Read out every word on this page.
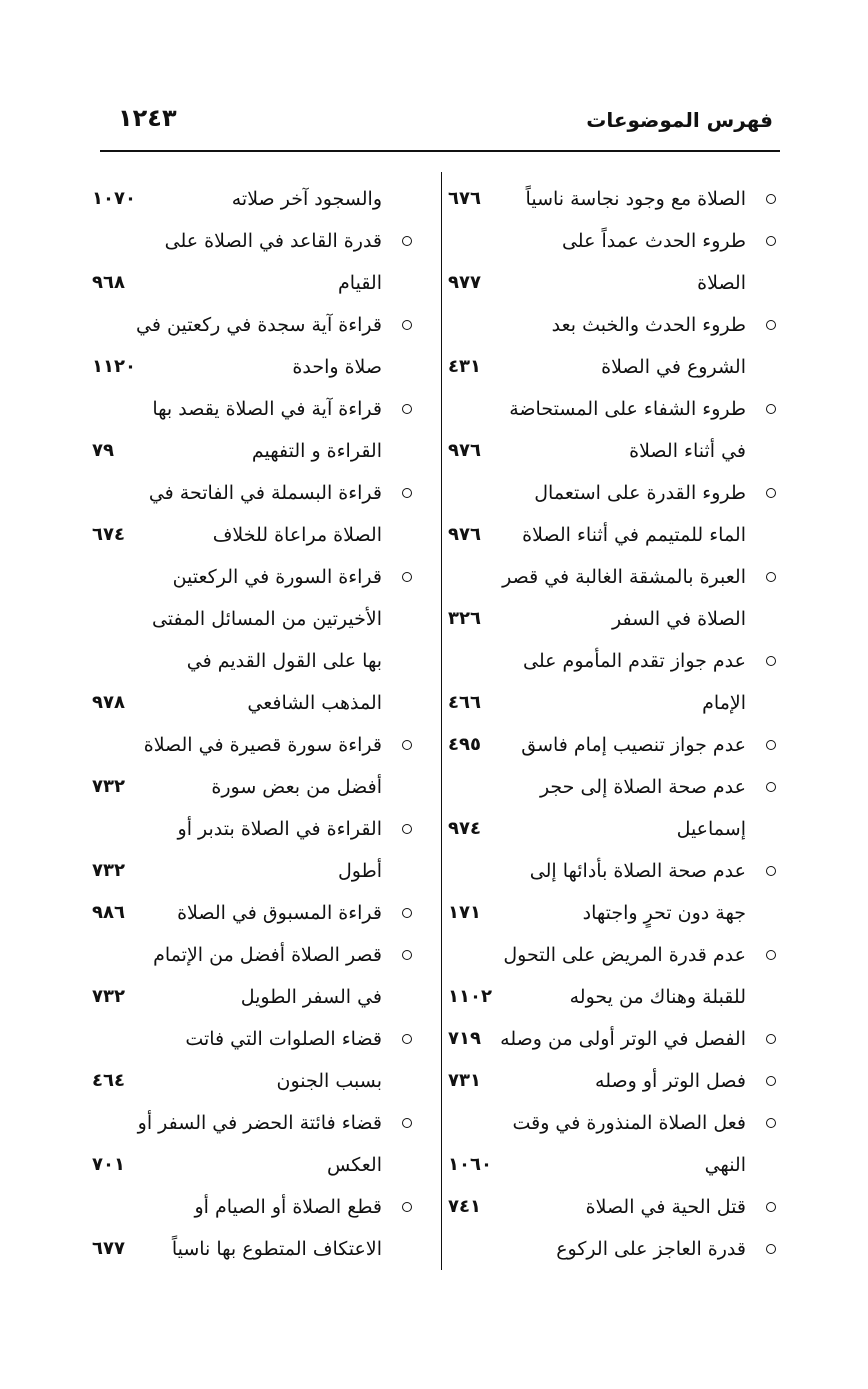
فهرس الموضوعات
١٢٤٣
الصلاة مع وجود نجاسة ناسياً
٦٧٦
طروء الحدث عمداً على
الصلاة
٩٧٧
طروء الحدث والخبث بعد
الشروع في الصلاة
٤٣١
طروء الشفاء على المستحاضة
في أثناء الصلاة
٩٧٦
طروء القدرة على استعمال
الماء للمتيمم في أثناء الصلاة
٩٧٦
العبرة بالمشقة الغالبة في قصر
الصلاة في السفر
٣٢٦
عدم جواز تقدم المأموم على
الإمام
٤٦٦
عدم جواز تنصيب إمام فاسق
٤٩٥
عدم صحة الصلاة إلى حجر
إسماعيل
٩٧٤
عدم صحة الصلاة بأدائها إلى
جهة دون تحرٍ واجتهاد
١٧١
عدم قدرة المريض على التحول
للقبلة وهناك من يحوله
١١٠٢
الفصل في الوتر أولى من وصله
٧١٩
فصل الوتر أو وصله
٧٣١
فعل الصلاة المنذورة في وقت
النهي
١٠٦٠
قتل الحية في الصلاة
٧٤١
قدرة العاجز على الركوع
والسجود آخر صلاته
١٠٧٠
قدرة القاعد في الصلاة على
القيام
٩٦٨
قراءة آية سجدة في ركعتين في
صلاة واحدة
١١٢٠
قراءة آية في الصلاة يقصد بها
القراءة و التفهيم
٧٩
قراءة البسملة في الفاتحة في
الصلاة مراعاة للخلاف
٦٧٤
قراءة السورة في الركعتين
الأخيرتين من المسائل المفتى
بها على القول القديم في
المذهب الشافعي
٩٧٨
قراءة سورة قصيرة في الصلاة
أفضل من بعض سورة
٧٣٢
القراءة في الصلاة بتدبر أو
أطول
٧٣٢
قراءة المسبوق في الصلاة
٩٨٦
قصر الصلاة أفضل من الإتمام
في السفر الطويل
٧٣٢
قضاء الصلوات التي فاتت
بسبب الجنون
٤٦٤
قضاء فائتة الحضر في السفر أو
العكس
٧٠١
قطع الصلاة أو الصيام أو
الاعتكاف المتطوع بها ناسياً
٦٧٧
